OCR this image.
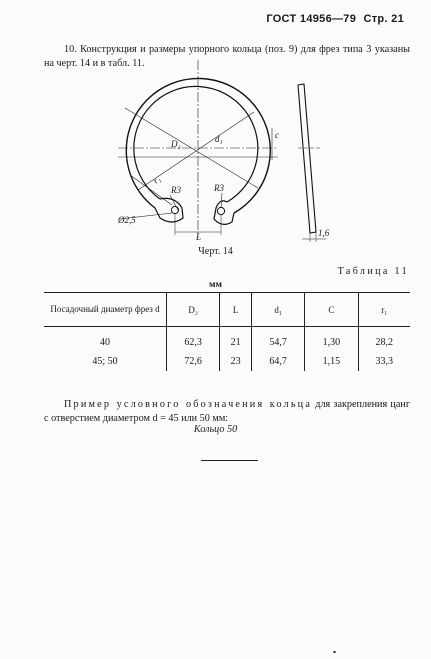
ГОСТ 14956—79 Стр. 21
10. Конструкция и размеры упорного кольца (поз. 9) для фрез типа 3 указаны на черт. 14 и в табл. 11.
D₂	d₁	c
r₁
R3	R3
Ø2,5
L	1,6
Черт. 14
Таблица 11
мм
Посадочный диаметр фрез d	D₂	L	d₁	C	r₁
40	62,3	21	54,7	1,30	28,2
45; 50	72,6	23	64,7	1,15	33,3
Пример условного обозначения кольца для закрепления цанг с отверстием диаметром d = 45 или 50 мм:
Кольцо 50
